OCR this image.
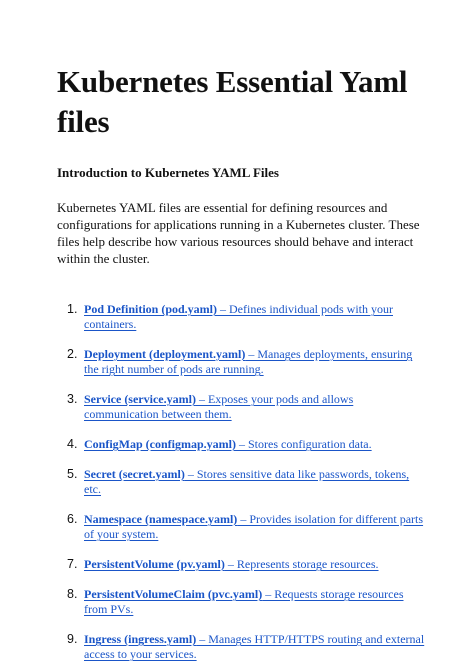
Kubernetes Essential Yaml files

Introduction to Kubernetes YAML Files

Kubernetes YAML files are essential for defining resources and configurations for applications running in a Kubernetes cluster. These files help describe how various resources should behave and interact within the cluster.

1. Pod Definition (pod.yaml) – Defines individual pods with your containers.
2. Deployment (deployment.yaml) – Manages deployments, ensuring the right number of pods are running.
3. Service (service.yaml) – Exposes your pods and allows communication between them.
4. ConfigMap (configmap.yaml) – Stores configuration data.
5. Secret (secret.yaml) – Stores sensitive data like passwords, tokens, etc.
6. Namespace (namespace.yaml) – Provides isolation for different parts of your system.
7. PersistentVolume (pv.yaml) – Represents storage resources.
8. PersistentVolumeClaim (pvc.yaml) – Requests storage resources from PVs.
9. Ingress (ingress.yaml) – Manages HTTP/HTTPS routing and external access to your services.
